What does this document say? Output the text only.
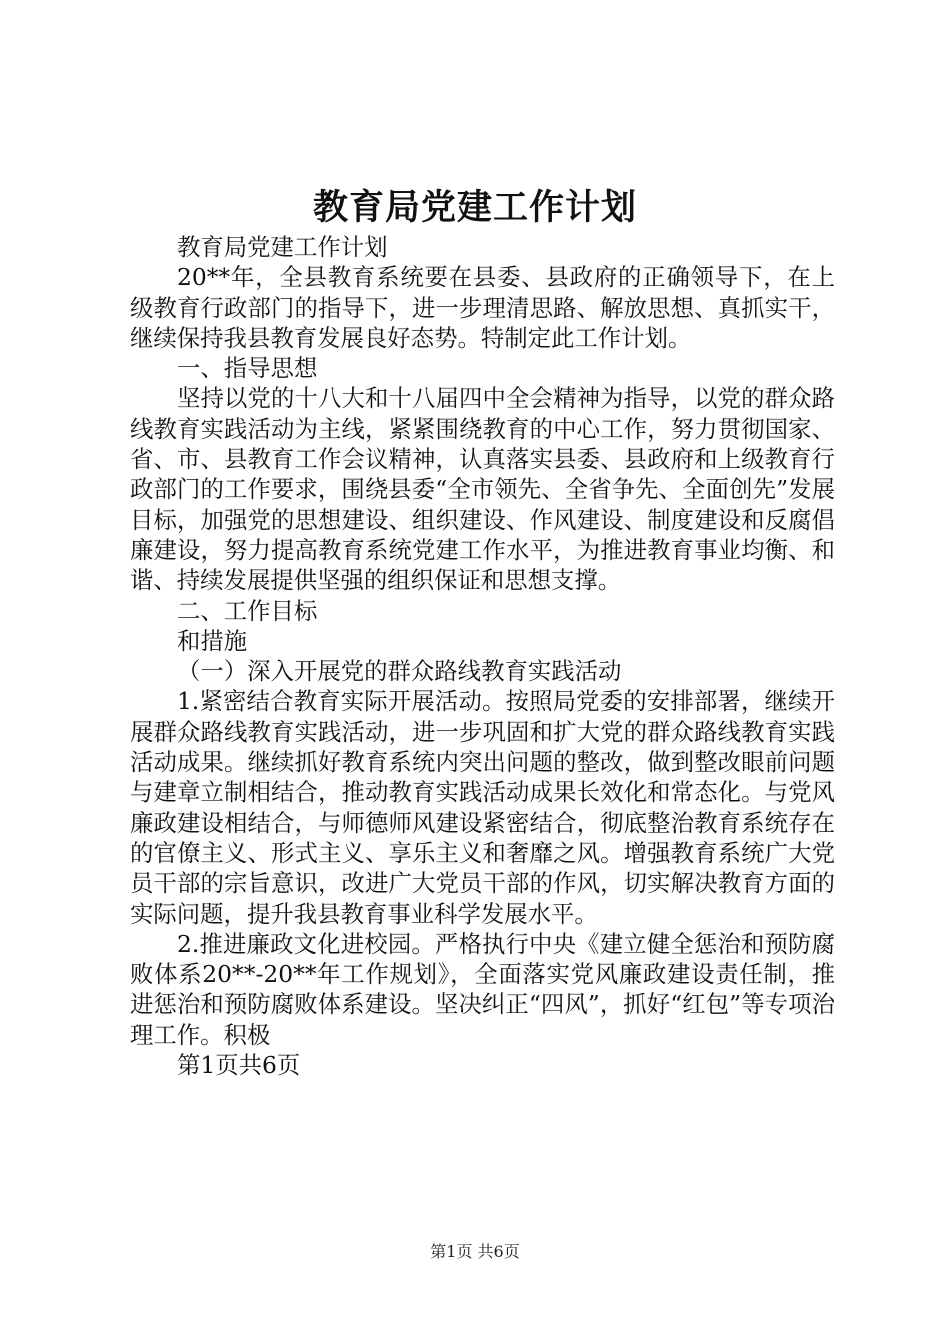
教育局党建工作计划

教育局党建工作计划

20**年，全县教育系统要在县委、县政府的正确领导下，在上级教育行政部门的指导下，进一步理清思路、解放思想、真抓实干，继续保持我县教育发展良好态势。特制定此工作计划。

一、指导思想

坚持以党的十八大和十八届四中全会精神为指导，以党的群众路线教育实践活动为主线，紧紧围绕教育的中心工作，努力贯彻国家、省、市、县教育工作会议精神，认真落实县委、县政府和上级教育行政部门的工作要求，围绕县委“全市领先、全省争先、全面创先”发展目标，加强党的思想建设、组织建设、作风建设、制度建设和反腐倡廉建设，努力提高教育系统党建工作水平，为推进教育事业均衡、和谐、持续发展提供坚强的组织保证和思想支撑。

二、工作目标

和措施

（一）深入开展党的群众路线教育实践活动

1.紧密结合教育实际开展活动。按照局党委的安排部署，继续开展群众路线教育实践活动，进一步巩固和扩大党的群众路线教育实践活动成果。继续抓好教育系统内突出问题的整改，做到整改眼前问题与建章立制相结合，推动教育实践活动成果长效化和常态化。与党风廉政建设相结合，与师德师风建设紧密结合，彻底整治教育系统存在的官僚主义、形式主义、享乐主义和奢靡之风。增强教育系统广大党员干部的宗旨意识，改进广大党员干部的作风，切实解决教育方面的实际问题，提升我县教育事业科学发展水平。

2.推进廉政文化进校园。严格执行中央《建立健全惩治和预防腐败体系20**-20**年工作规划》，全面落实党风廉政建设责任制，推进惩治和预防腐败体系建设。坚决纠正“四风”，抓好“红包”等专项治理工作。积极

第1页共6页

第1页 共6页
